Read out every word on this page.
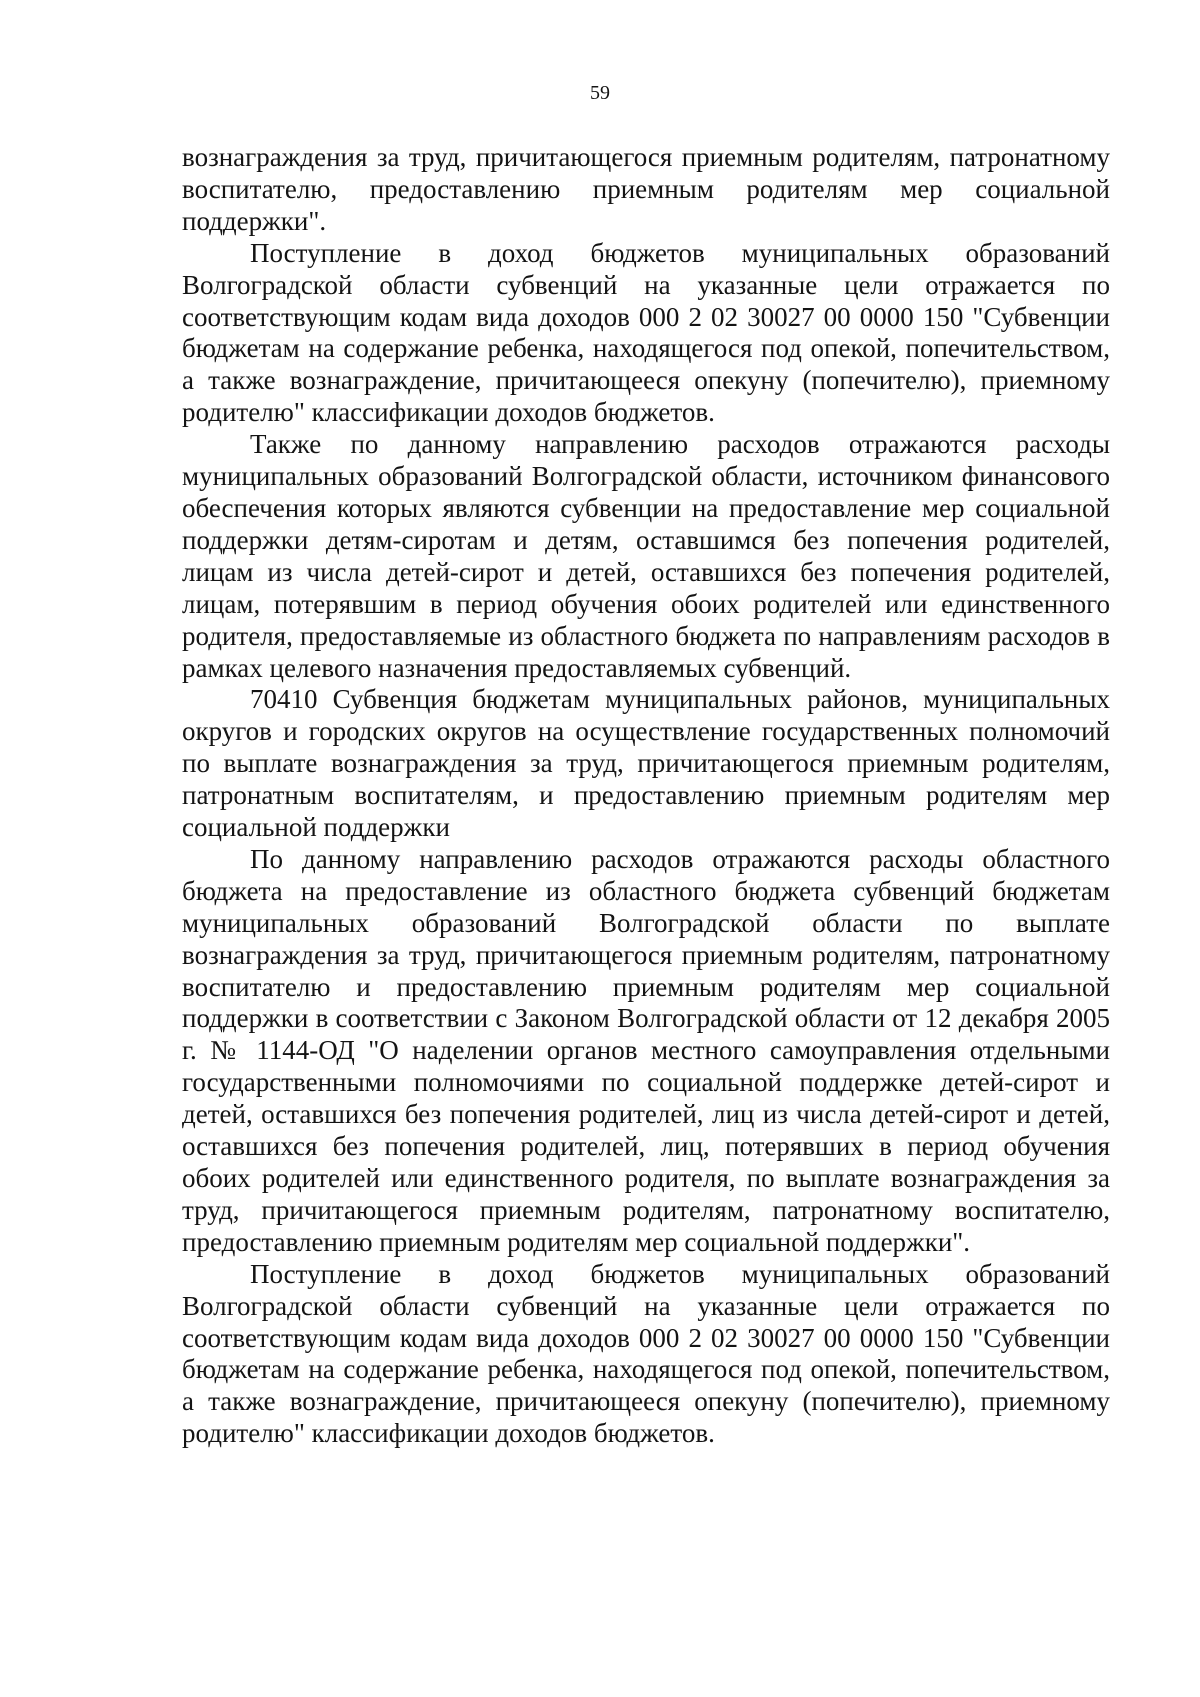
59

вознаграждения за труд, причитающегося приемным родителям, патронатному воспитателю, предоставлению приемным родителям мер социальной поддержки".

Поступление в доход бюджетов муниципальных образований Волгоградской области субвенций на указанные цели отражается по соответствующим кодам вида доходов 000 2 02 30027 00 0000 150 "Субвенции бюджетам на содержание ребенка, находящегося под опекой, попечительством, а также вознаграждение, причитающееся опекуну (попечителю), приемному родителю" классификации доходов бюджетов.

Также по данному направлению расходов отражаются расходы муниципальных образований Волгоградской области, источником финансового обеспечения которых являются субвенции на предоставление мер социальной поддержки детям-сиротам и детям, оставшимся без попечения родителей, лицам из числа детей-сирот и детей, оставшихся без попечения родителей, лицам, потерявшим в период обучения обоих родителей или единственного родителя, предоставляемые из областного бюджета по направлениям расходов в рамках целевого назначения предоставляемых субвенций.

70410 Субвенция бюджетам муниципальных районов, муниципальных округов и городских округов на осуществление государственных полномочий по выплате вознаграждения за труд, причитающегося приемным родителям, патронатным воспитателям, и предоставлению приемным родителям мер социальной поддержки

По данному направлению расходов отражаются расходы областного бюджета на предоставление из областного бюджета субвенций бюджетам муниципальных образований Волгоградской области по выплате вознаграждения за труд, причитающегося приемным родителям, патронатному воспитателю и предоставлению приемным родителям мер социальной поддержки в соответствии с Законом Волгоградской области от 12 декабря 2005 г. № 1144-ОД "О наделении органов местного самоуправления отдельными государственными полномочиями по социальной поддержке детей-сирот и детей, оставшихся без попечения родителей, лиц из числа детей-сирот и детей, оставшихся без попечения родителей, лиц, потерявших в период обучения обоих родителей или единственного родителя, по выплате вознаграждения за труд, причитающегося приемным родителям, патронатному воспитателю, предоставлению приемным родителям мер социальной поддержки".

Поступление в доход бюджетов муниципальных образований Волгоградской области субвенций на указанные цели отражается по соответствующим кодам вида доходов 000 2 02 30027 00 0000 150 "Субвенции бюджетам на содержание ребенка, находящегося под опекой, попечительством, а также вознаграждение, причитающееся опекуну (попечителю), приемному родителю" классификации доходов бюджетов.
